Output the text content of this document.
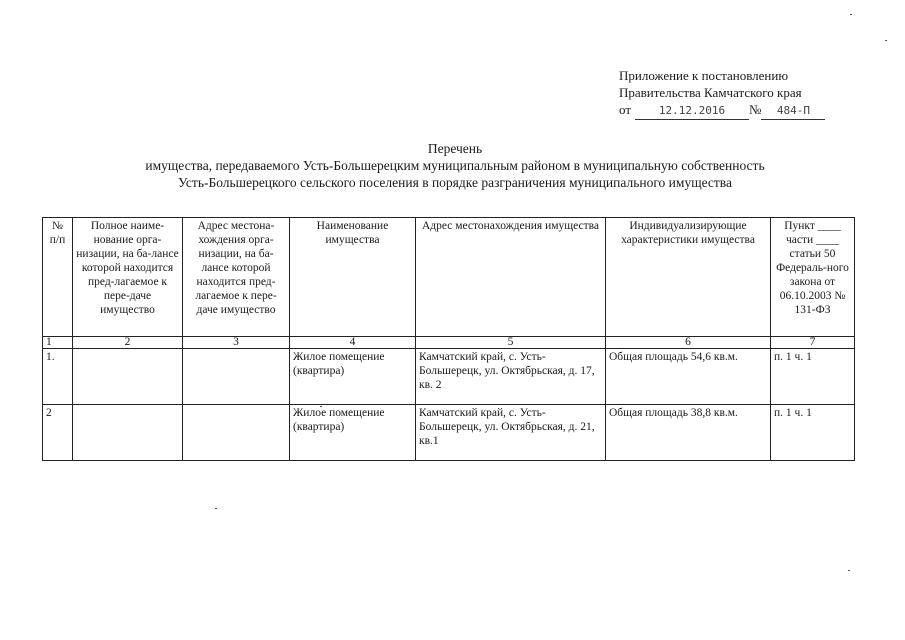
Приложение к постановлению
Правительства Камчатского края
от	12.12.2016	№	484-П
Перечень
имущества, передаваемого Усть-Большерецким муниципальным районом в муниципальную собственность
Усть-Большерецкого сельского поселения в порядке разграничения муниципального имущества
№ п/п	Полное наиме-нование орга-низации, на ба-лансе которой находится пред-лагаемое к пере-даче имущество	Адрес местона-хождения орга-низации, на ба-лансе которой находится пред-лагаемое к пере-даче имущество	Наименование имущества	Адрес местонахождения имущества	Индивидуализирующие характеристики имущества	Пункт ____ части ____ статьи 50 Федераль-ного закона от 06.10.2003 № 131-ФЗ
1	2	3	4	5	6	7
1.			Жилое помещение (квартира)	Камчатский край, с. Усть-Большерецк, ул. Октябрьская, д. 17, кв. 2	Общая площадь 54,6 кв.м.	п. 1 ч. 1
2			Жилое помещение (квартира)	Камчатский край, с. Усть-Большерецк, ул. Октябрьская, д. 21, кв.1	Общая площадь 38,8 кв.м.	п. 1 ч. 1
